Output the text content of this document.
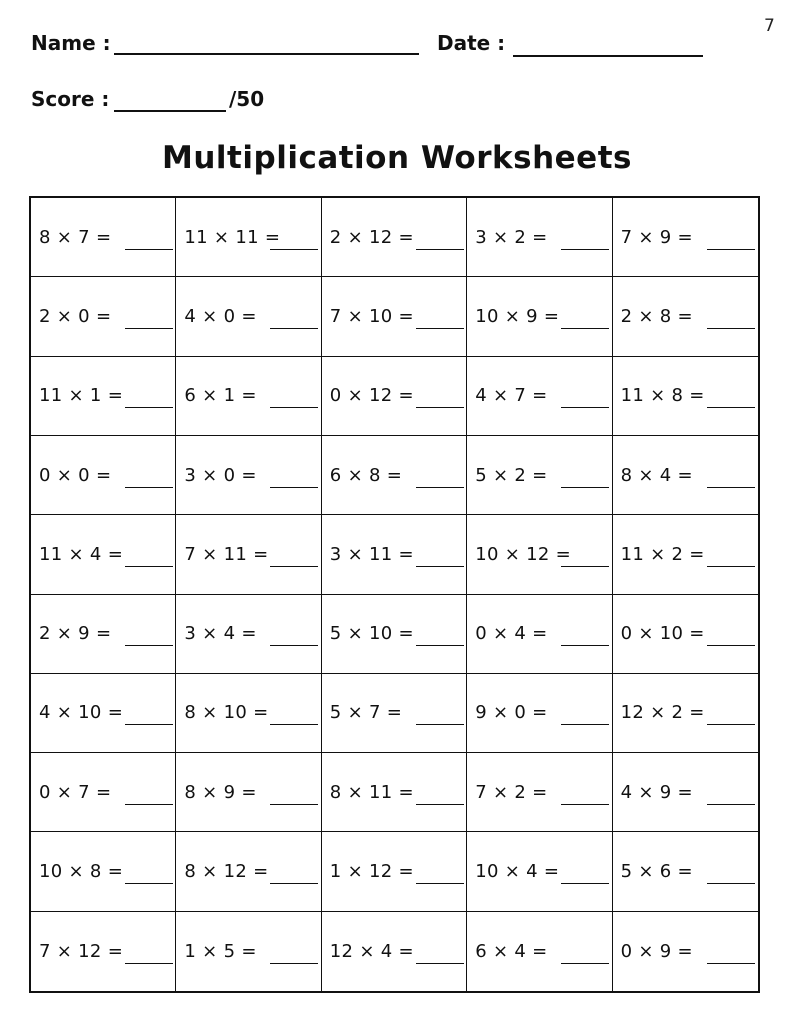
7
Name :	Date :
Score :	/50
Multiplication Worksheets
8 × 7 =	11 × 11 =	2 × 12 =	3 × 2 =	7 × 9 =
2 × 0 =	4 × 0 =	7 × 10 =	10 × 9 =	2 × 8 =
11 × 1 =	6 × 1 =	0 × 12 =	4 × 7 =	11 × 8 =
0 × 0 =	3 × 0 =	6 × 8 =	5 × 2 =	8 × 4 =
11 × 4 =	7 × 11 =	3 × 11 =	10 × 12 =	11 × 2 =
2 × 9 =	3 × 4 =	5 × 10 =	0 × 4 =	0 × 10 =
4 × 10 =	8 × 10 =	5 × 7 =	9 × 0 =	12 × 2 =
0 × 7 =	8 × 9 =	8 × 11 =	7 × 2 =	4 × 9 =
10 × 8 =	8 × 12 =	1 × 12 =	10 × 4 =	5 × 6 =
7 × 12 =	1 × 5 =	12 × 4 =	6 × 4 =	0 × 9 =
